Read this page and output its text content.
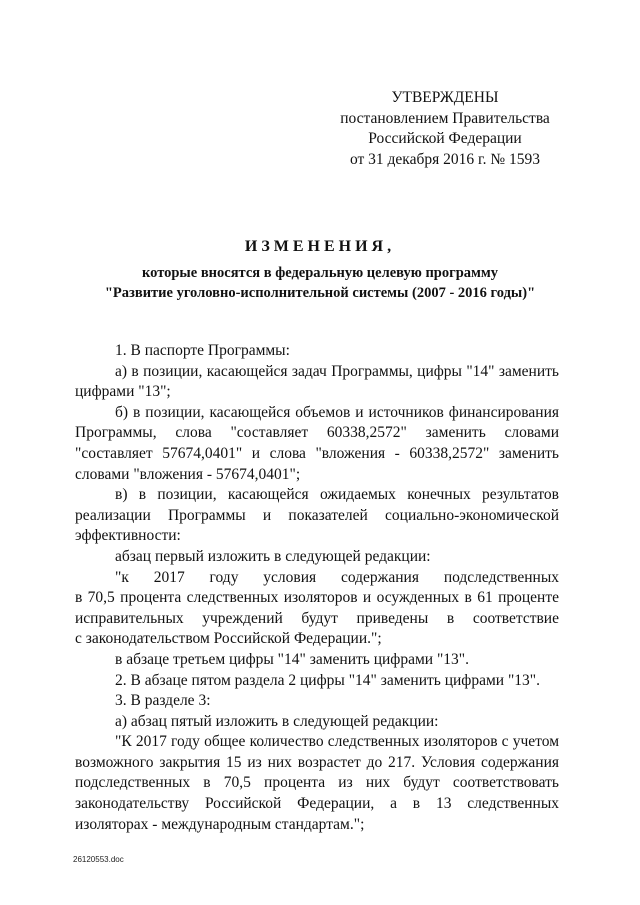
УТВЕРЖДЕНЫ
постановлением Правительства
Российской Федерации
от 31 декабря 2016 г. № 1593
ИЗМЕНЕНИЯ,
которые вносятся в федеральную целевую программу
"Развитие уголовно-исполнительной системы (2007 - 2016 годы)"
1. В паспорте Программы:
а) в позиции, касающейся задач Программы, цифры "14" заменить
цифрами "13";
б) в позиции, касающейся объемов и источников финансирования
Программы, слова "составляет 60338,2572" заменить словами
"составляет 57674,0401" и слова "вложения - 60338,2572" заменить
словами "вложения - 57674,0401";
в) в позиции, касающейся ожидаемых конечных результатов
реализации Программы и показателей социально-экономической
эффективности:
абзац первый изложить в следующей редакции:
"к 2017 году условия содержания подследственных
в 70,5 процента следственных изоляторов и осужденных в 61 проценте
исправительных учреждений будут приведены в соответствие
с законодательством Российской Федерации.";
в абзаце третьем цифры "14" заменить цифрами "13".
2. В абзаце пятом раздела 2 цифры "14" заменить цифрами "13".
3. В разделе 3:
а) абзац пятый изложить в следующей редакции:
"К 2017 году общее количество следственных изоляторов с учетом
возможного закрытия 15 из них возрастет до 217. Условия содержания
подследственных в 70,5 процента из них будут соответствовать
законодательству Российской Федерации, а в 13 следственных
изоляторах - международным стандартам.";
26120553.doc
